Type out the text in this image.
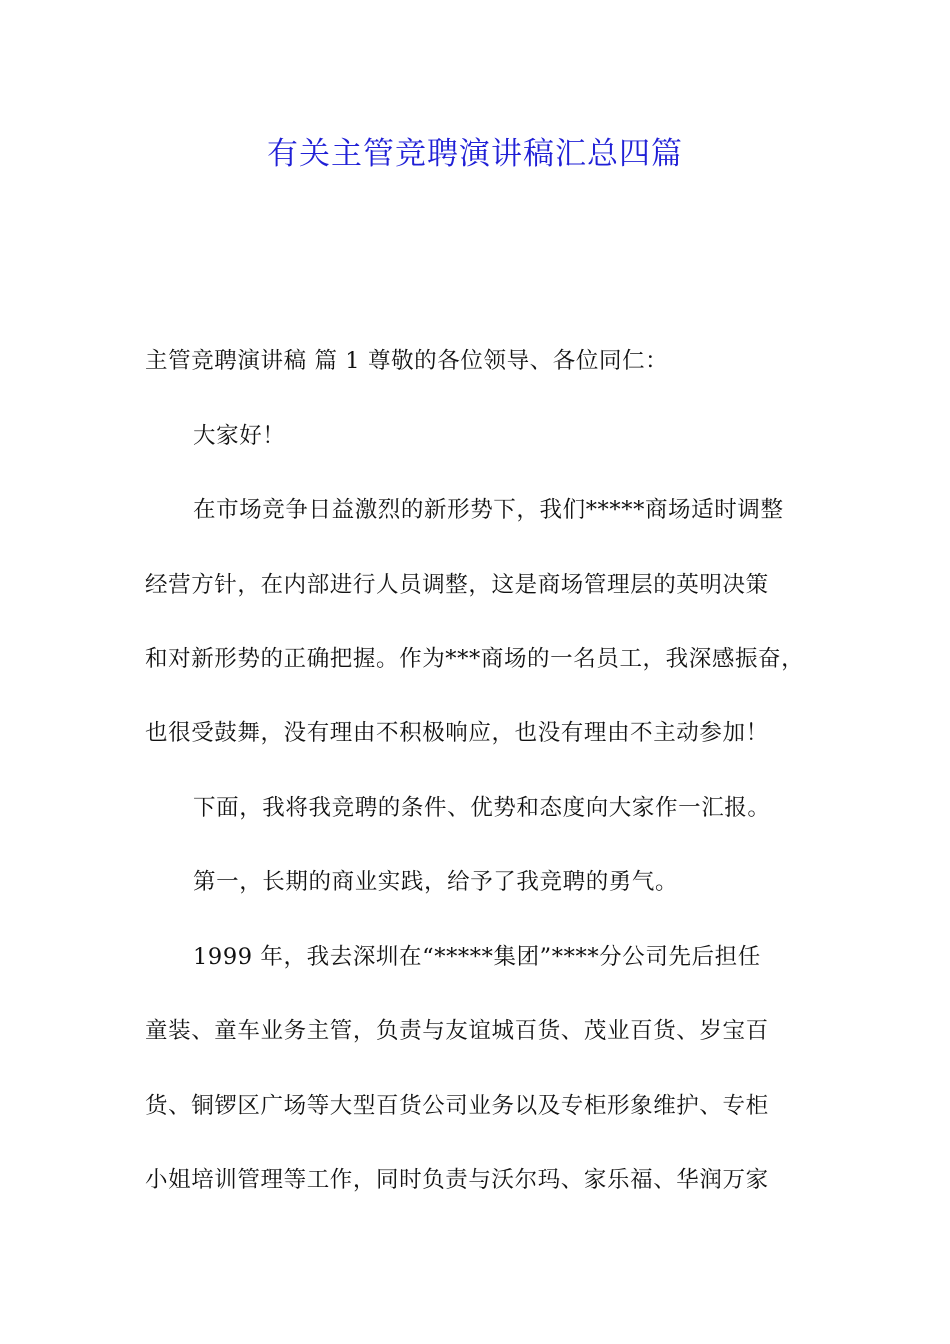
有关主管竞聘演讲稿汇总四篇
主管竞聘演讲稿 篇 1 尊敬的各位领导、各位同仁：
大家好！
在市场竞争日益激烈的新形势下，我们*****商场适时调整
经营方针，在内部进行人员调整，这是商场管理层的英明决策
和对新形势的正确把握。作为***商场的一名员工，我深感振奋，
也很受鼓舞，没有理由不积极响应，也没有理由不主动参加！
下面，我将我竞聘的条件、优势和态度向大家作一汇报。
第一，长期的商业实践，给予了我竞聘的勇气。
1999 年，我去深圳在“*****集团”****分公司先后担任
童装、童车业务主管，负责与友谊城百货、茂业百货、岁宝百
货、铜锣区广场等大型百货公司业务以及专柜形象维护、专柜
小姐培训管理等工作，同时负责与沃尔玛、家乐福、华润万家
